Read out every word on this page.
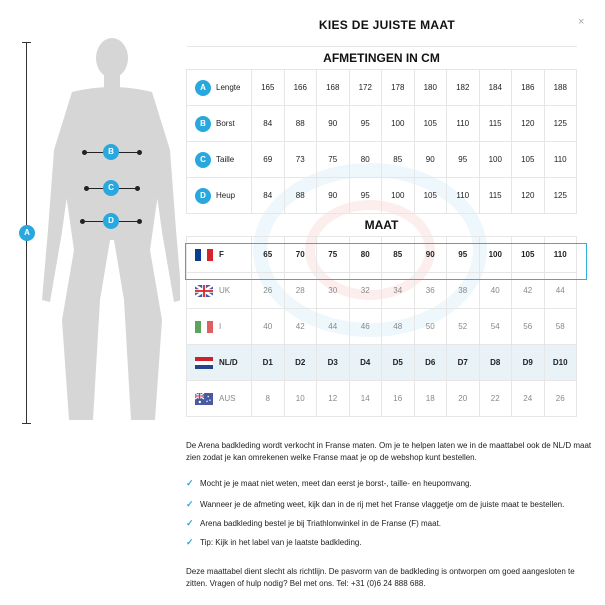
KIES DE JUISTE MAAT	×
A
B
C
D
AFMETINGEN IN CM										
A Lengte	165	166	168	172	178	180	182	184	186	188
B Borst	84	88	90	95	100	105	110	115	120	125
C Taille	69	73	75	80	85	90	95	100	105	110
D Heup	84	88	90	95	100	105	110	115	120	125
MAAT										
F	65	70	75	80	85	90	95	100	105	110
UK	26	28	30	32	34	36	38	40	42	44
I	40	42	44	46	48	50	52	54	56	58
NL/D	D1	D2	D3	D4	D5	D6	D7	D8	D9	D10
AUS	8	10	12	14	16	18	20	22	24	26
De Arena badkleding wordt verkocht in Franse maten. Om je te helpen laten we in de maattabel ook de NL/D maat zien zodat je kan omrekenen welke Franse maat je op de webshop kunt bestellen.
✓ Mocht je je maat niet weten, meet dan eerst je borst-, taille- en heupomvang.
✓ Wanneer je de afmeting weet, kijk dan in de rij met het Franse vlaggetje om de juiste maat te bestellen.
✓ Arena badkleding bestel je bij Triathlonwinkel in de Franse (F) maat.
✓ Tip: Kijk in het label van je laatste badkleding.
Deze maattabel dient slecht als richtlijn. De pasvorm van de badkleding is ontworpen om goed aangesloten te zitten. Vragen of hulp nodig? Bel met ons. Tel: +31 (0)6 24 888 688.
